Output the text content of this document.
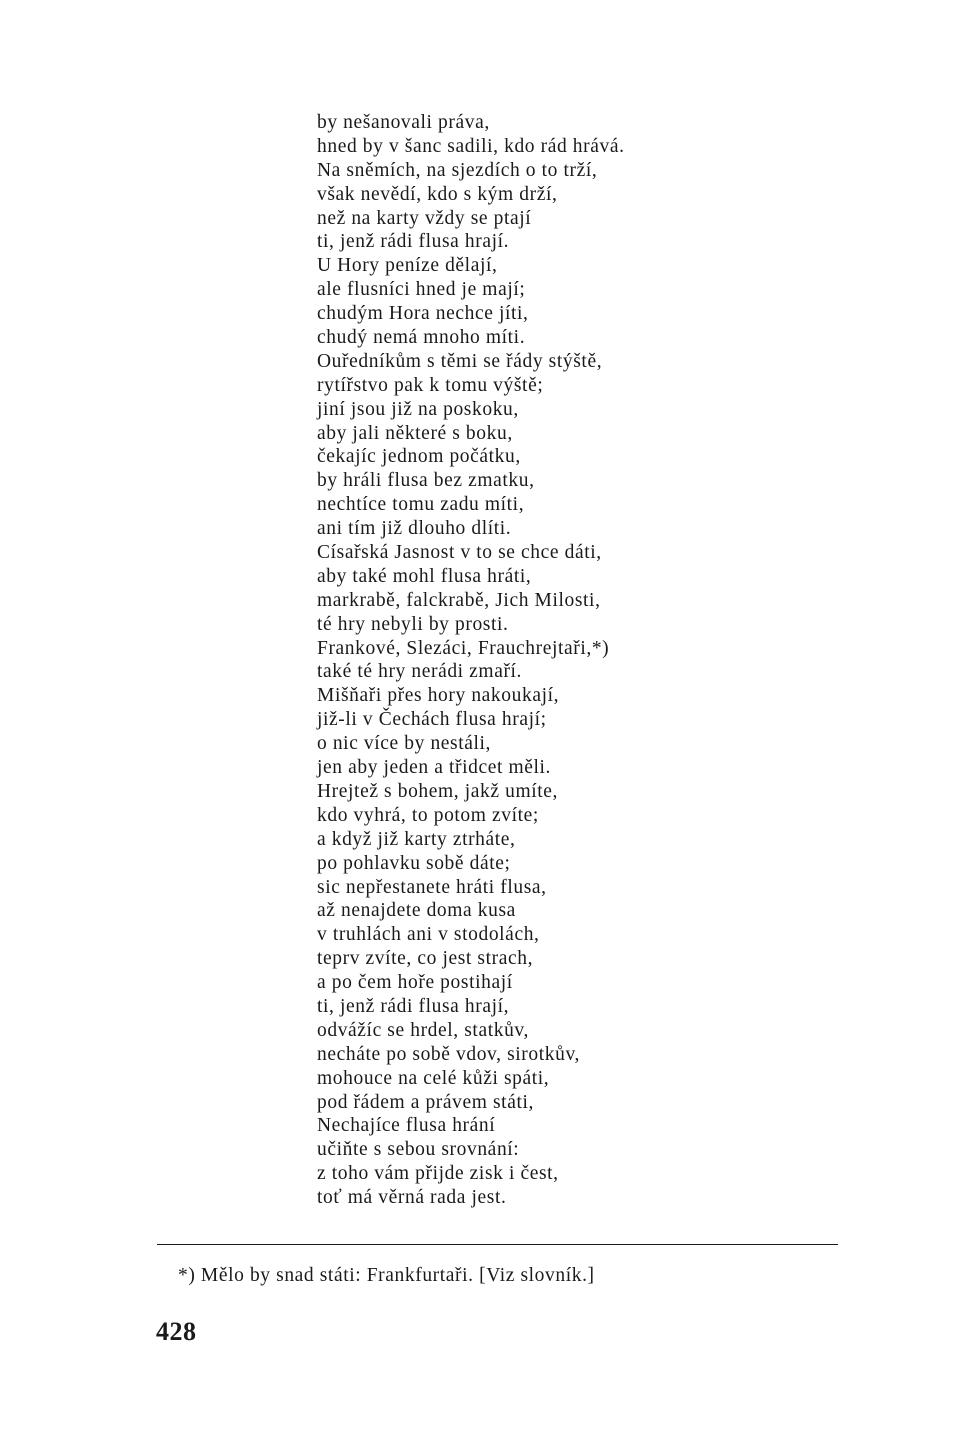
by nešanovali práva,
hned by v šanc sadili, kdo rád hrává.
Na sněmích, na sjezdích o to trží,
však nevědí, kdo s kým drží,
než na karty vždy se ptají
ti, jenž rádi flusa hrají.
U Hory peníze dělají,
ale flusníci hned je mají;
chudým Hora nechce jíti,
chudý nemá mnoho míti.
Ouředníkům s těmi se řády stýště,
rytířstvo pak k tomu výště;
jiní jsou již na poskoku,
aby jali některé s boku,
čekajíc jednom počátku,
by hráli flusa bez zmatku,
nechtíce tomu zadu míti,
ani tím již dlouho dlíti.
Císařská Jasnost v to se chce dáti,
aby také mohl flusa hráti,
markrabě, falckrabě, Jich Milosti,
té hry nebyli by prosti.
Frankové, Slezáci, Frauchrejtaři,*)
také té hry nerádi zmaří.
Mišňaři přes hory nakoukají,
již-li v Čechách flusa hrají;
o nic více by nestáli,
jen aby jeden a třidcet měli.
Hrejtež s bohem, jakž umíte,
kdo vyhrá, to potom zvíte;
a když již karty ztrháte,
po pohlavku sobě dáte;
sic nepřestanete hráti flusa,
až nenajdete doma kusa
v truhlách ani v stodolách,
teprv zvíte, co jest strach,
a po čem hoře postihají
ti, jenž rádi flusa hrají,
odvážíc se hrdel, statkův,
necháte po sobě vdov, sirotkův,
mohouce na celé kůži spáti,
pod řádem a právem státi,
Nechajíce flusa hrání
učiňte s sebou srovnání:
z toho vám přijde zisk i čest,
toť má věrná rada jest.
*) Mělo by snad státi: Frankfurtaři. [Viz slovník.]
428
